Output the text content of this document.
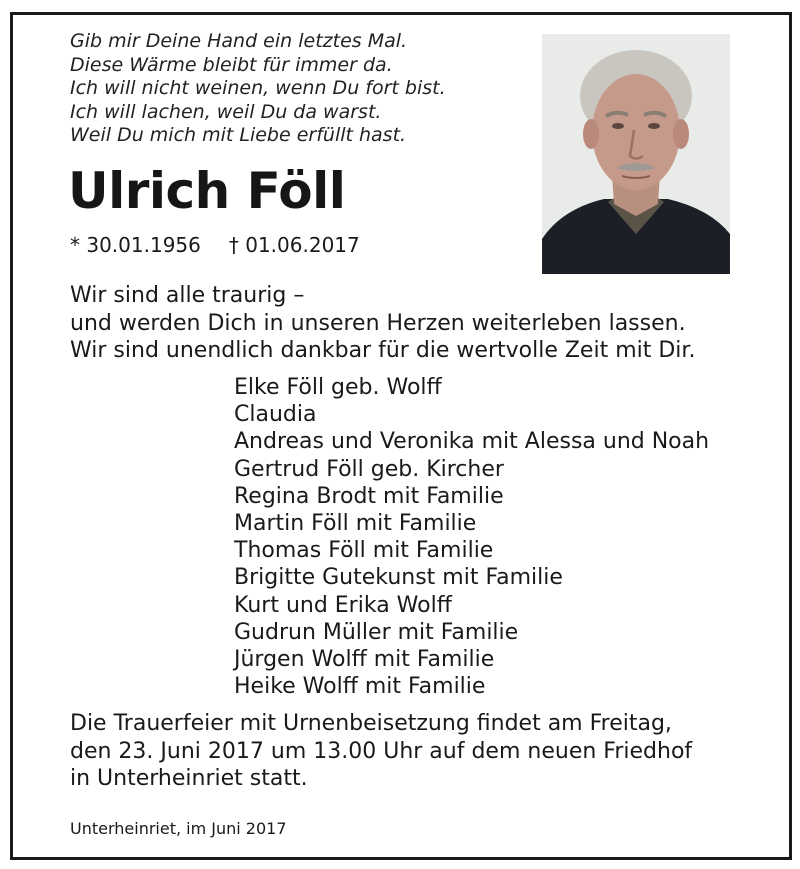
Gib mir Deine Hand ein letztes Mal.
Diese Wärme bleibt für immer da.
Ich will nicht weinen, wenn Du fort bist.
Ich will lachen, weil Du da warst.
Weil Du mich mit Liebe erfüllt hast.
Ulrich Föll
* 30.01.1956 † 01.06.2017
Wir sind alle traurig –
und werden Dich in unseren Herzen weiterleben lassen.
Wir sind unendlich dankbar für die wertvolle Zeit mit Dir.
Elke Föll geb. Wolff
Claudia
Andreas und Veronika mit Alessa und Noah
Gertrud Föll geb. Kircher
Regina Brodt mit Familie
Martin Föll mit Familie
Thomas Föll mit Familie
Brigitte Gutekunst mit Familie
Kurt und Erika Wolff
Gudrun Müller mit Familie
Jürgen Wolff mit Familie
Heike Wolff mit Familie
Die Trauerfeier mit Urnenbeisetzung findet am Freitag,
den 23. Juni 2017 um 13.00 Uhr auf dem neuen Friedhof
in Unterheinriet statt.
Unterheinriet, im Juni 2017
